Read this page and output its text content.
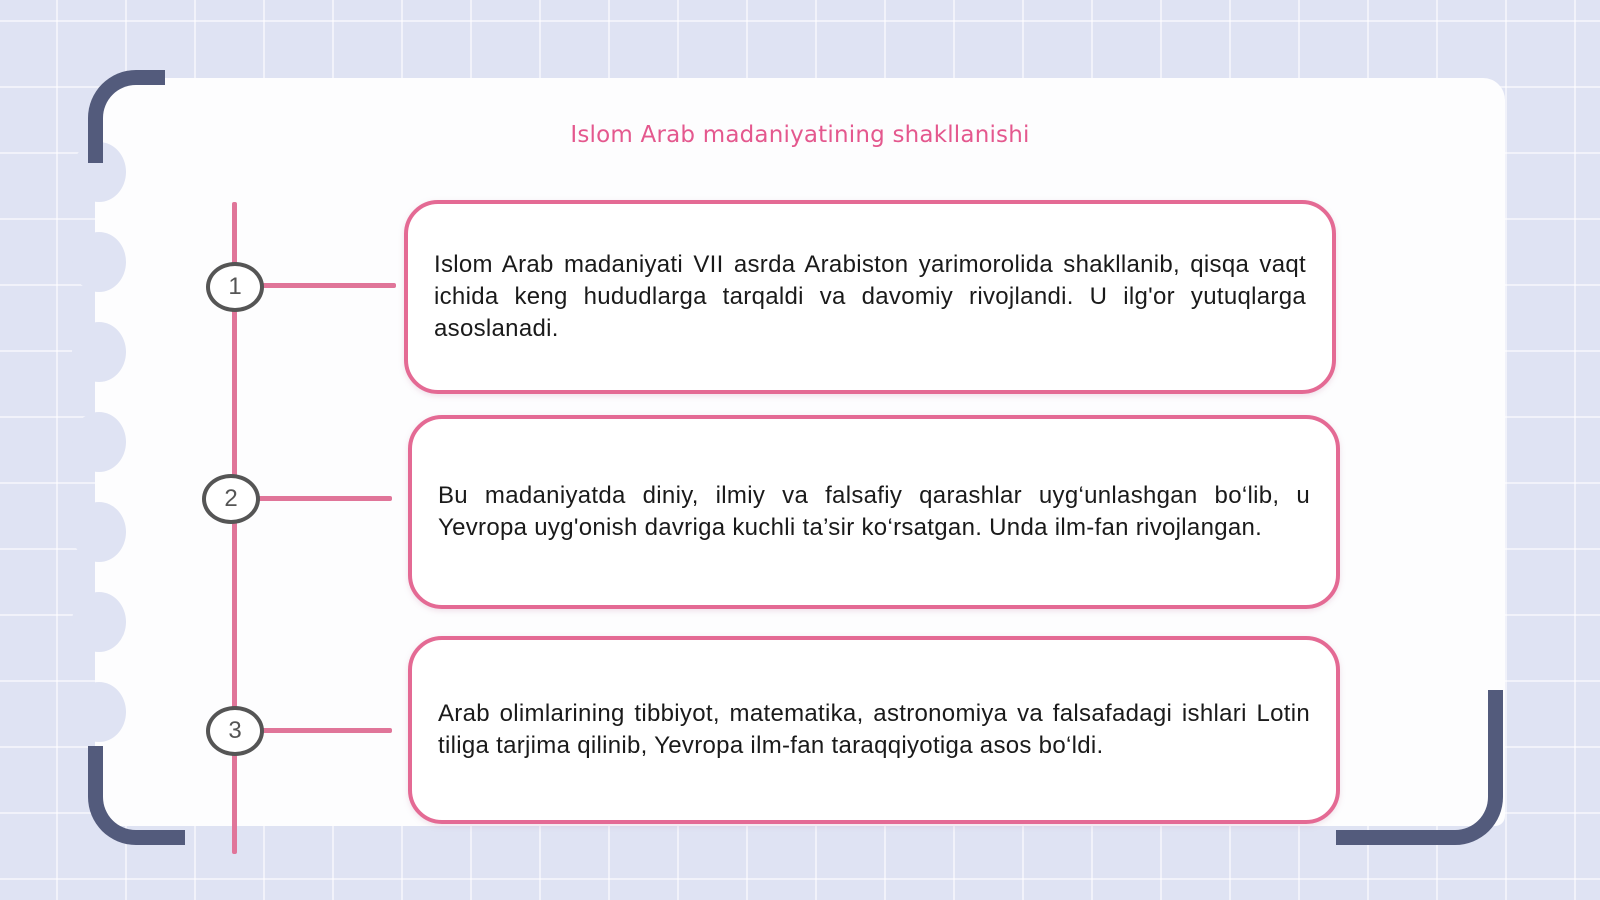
Islom Arab madaniyatining shakllanishi
1

Islom Arab madaniyati VII asrda Arabiston yarimorolida shakllanib, qisqa vaqt ichida keng hududlarga tarqaldi va davomiy rivojlandi. U ilg'or yutuqlarga asoslanadi.

2	Bu madaniyatda diniy, ilmiy va falsafiy qarashlar uyg‘unlashgan bo‘lib, u Yevropa uyg'onish davriga kuchli ta’sir ko‘rsatgan. Unda ilm-fan rivojlangan.

3

Arab olimlarining tibbiyot, matematika, astronomiya va falsafadagi ishlari Lotin tiliga tarjima qilinib, Yevropa ilm-fan taraqqiyotiga asos bo‘ldi.
